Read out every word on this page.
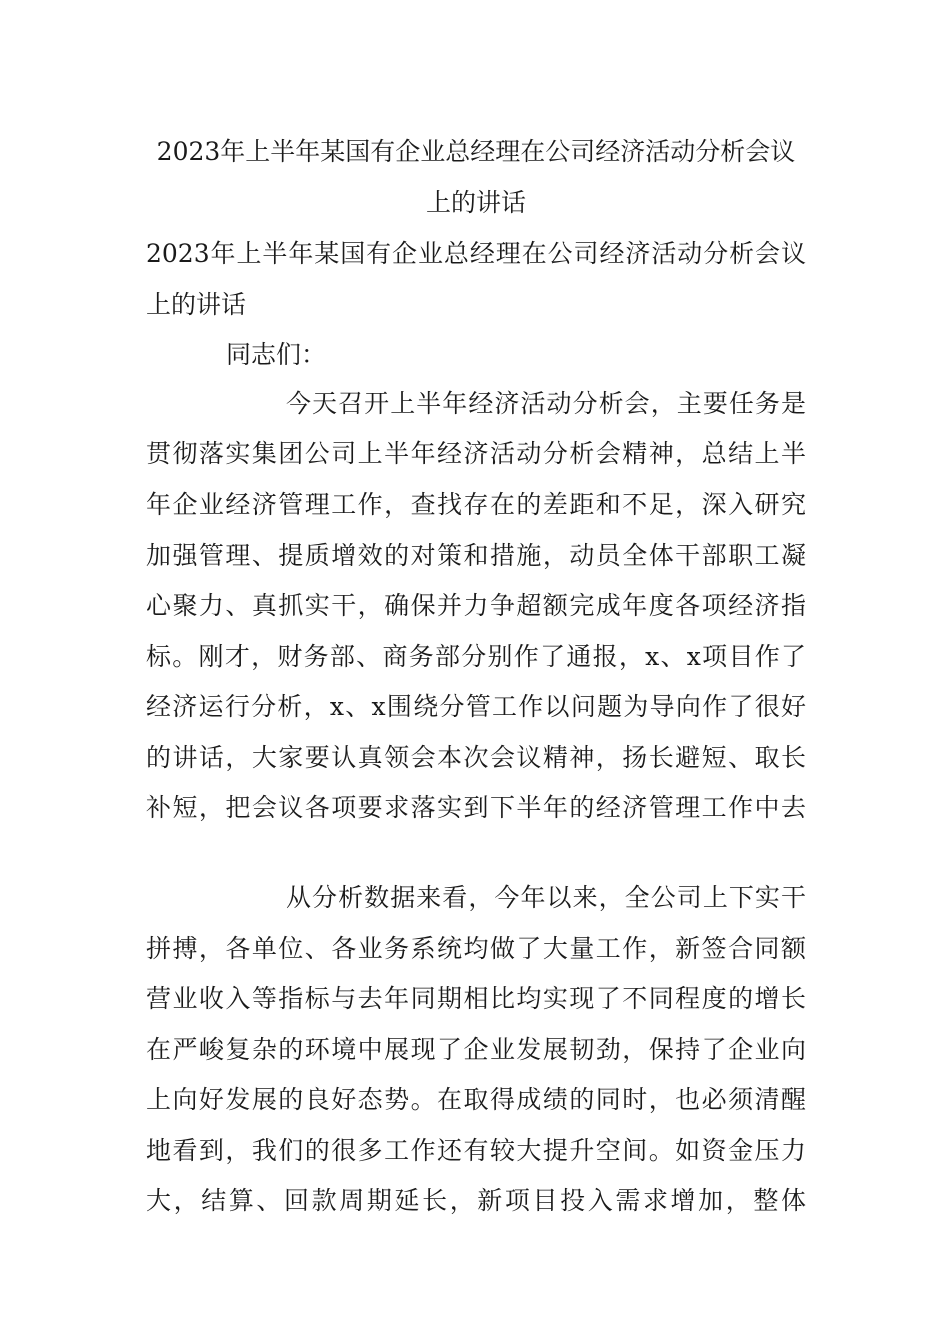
2023年上半年某国有企业总经理在公司经济活动分析会议
上的讲话
2023年上半年某国有企业总经理在公司经济活动分析会议
上的讲话
同志们：
今天召开上半年经济活动分析会，主要任务是
贯彻落实集团公司上半年经济活动分析会精神，总结上半
年企业经济管理工作，查找存在的差距和不足，深入研究
加强管理、提质增效的对策和措施，动员全体干部职工凝
心聚力、真抓实干，确保并力争超额完成年度各项经济指
标。刚才，财务部、商务部分别作了通报，x、x项目作了
经济运行分析，x、x围绕分管工作以问题为导向作了很好
的讲话，大家要认真领会本次会议精神，扬长避短、取长
补短，把会议各项要求落实到下半年的经济管理工作中去
从分析数据来看，今年以来，全公司上下实干
拼搏，各单位、各业务系统均做了大量工作，新签合同额
营业收入等指标与去年同期相比均实现了不同程度的增长
在严峻复杂的环境中展现了企业发展韧劲，保持了企业向
上向好发展的良好态势。在取得成绩的同时，也必须清醒
地看到，我们的很多工作还有较大提升空间。如资金压力
大，结算、回款周期延长，新项目投入需求增加，整体
